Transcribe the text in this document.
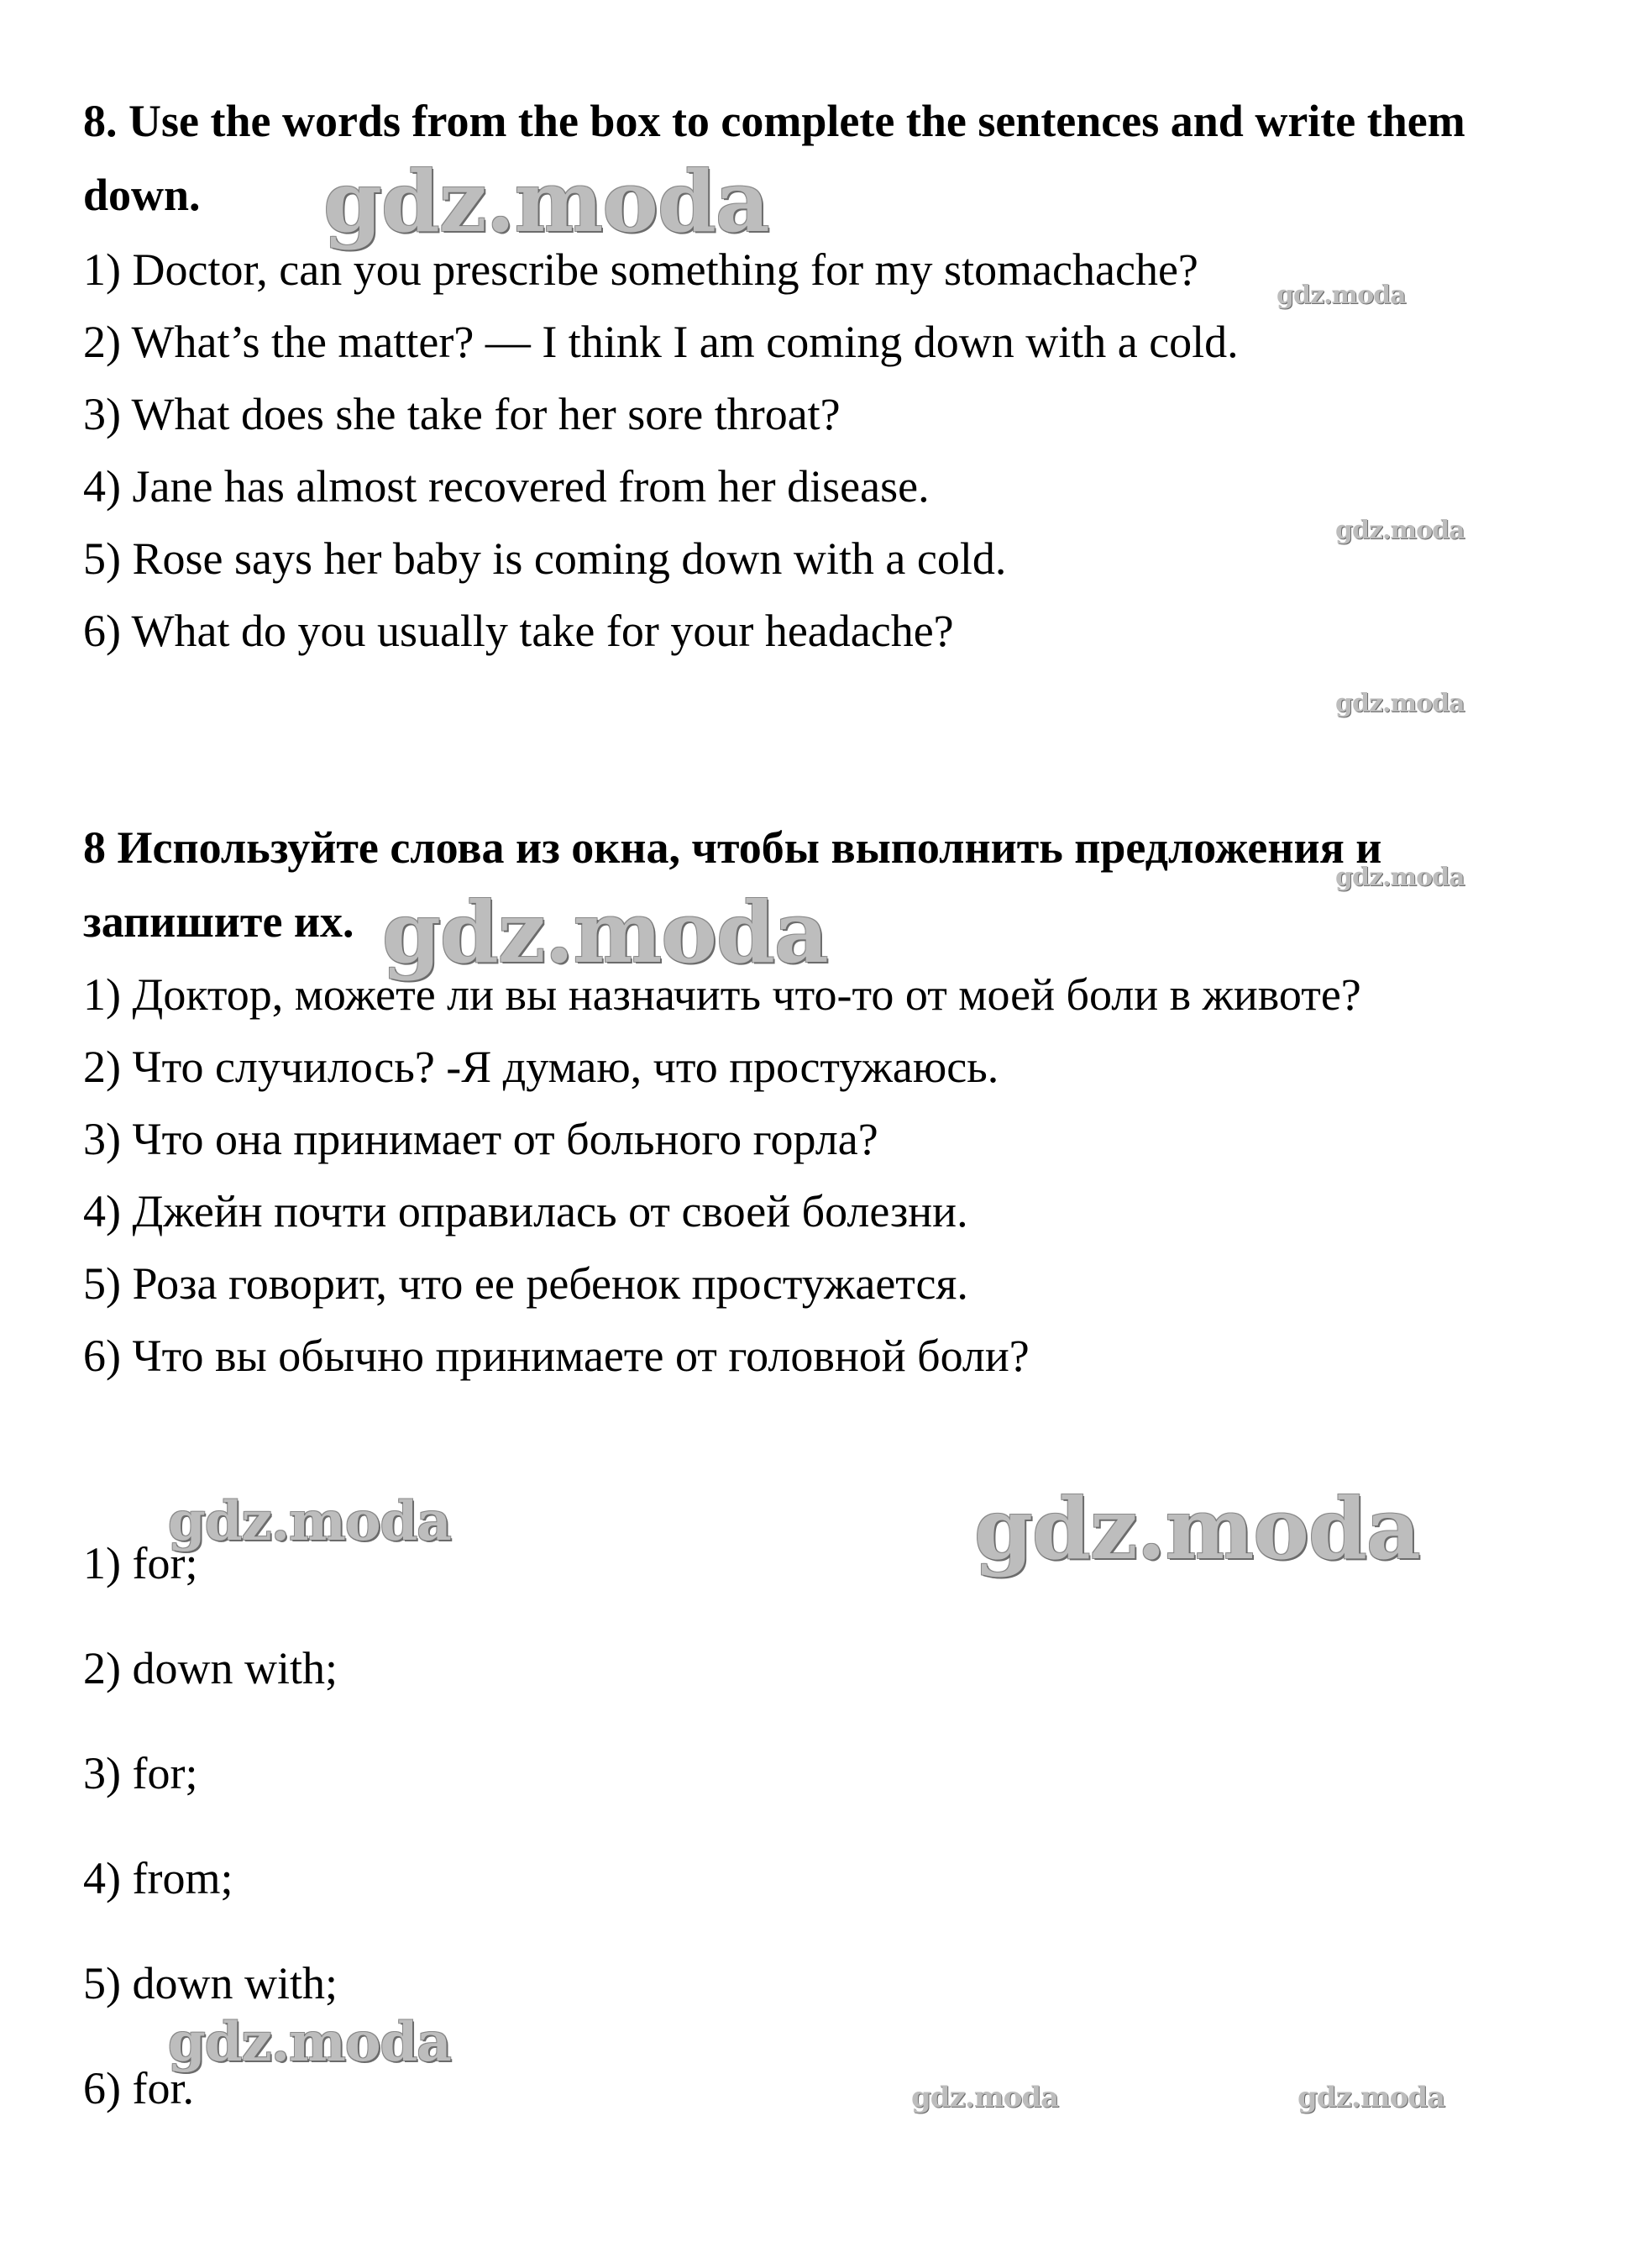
8. Use the words from the box to complete the sentences and write them down.

1) Doctor, can you prescribe something for my stomachache?
2) What’s the matter? — I think I am coming down with a cold.
3) What does she take for her sore throat?
4) Jane has almost recovered from her disease.
5) Rose says her baby is coming down with a cold.
6) What do you usually take for your headache?

8 Используйте слова из окна, чтобы выполнить предложения и запишите их.

1) Доктор, можете ли вы назначить что-то от моей боли в животе?
2) Что случилось? -Я думаю, что простужаюсь.
3) Что она принимает от больного горла?
4) Джейн почти оправилась от своей болезни.
5) Роза говорит, что ее ребенок простужается.
6) Что вы обычно принимаете от головной боли?
1) for;
2) down with;
3) for;
4) from;
5) down with;
6) for.
gdz.moda
gdz.moda
gdz.moda
gdz.moda
gdz.moda
gdz.moda
gdz.moda	gdz.moda
gdz.moda
gdz.moda	gdz.moda
